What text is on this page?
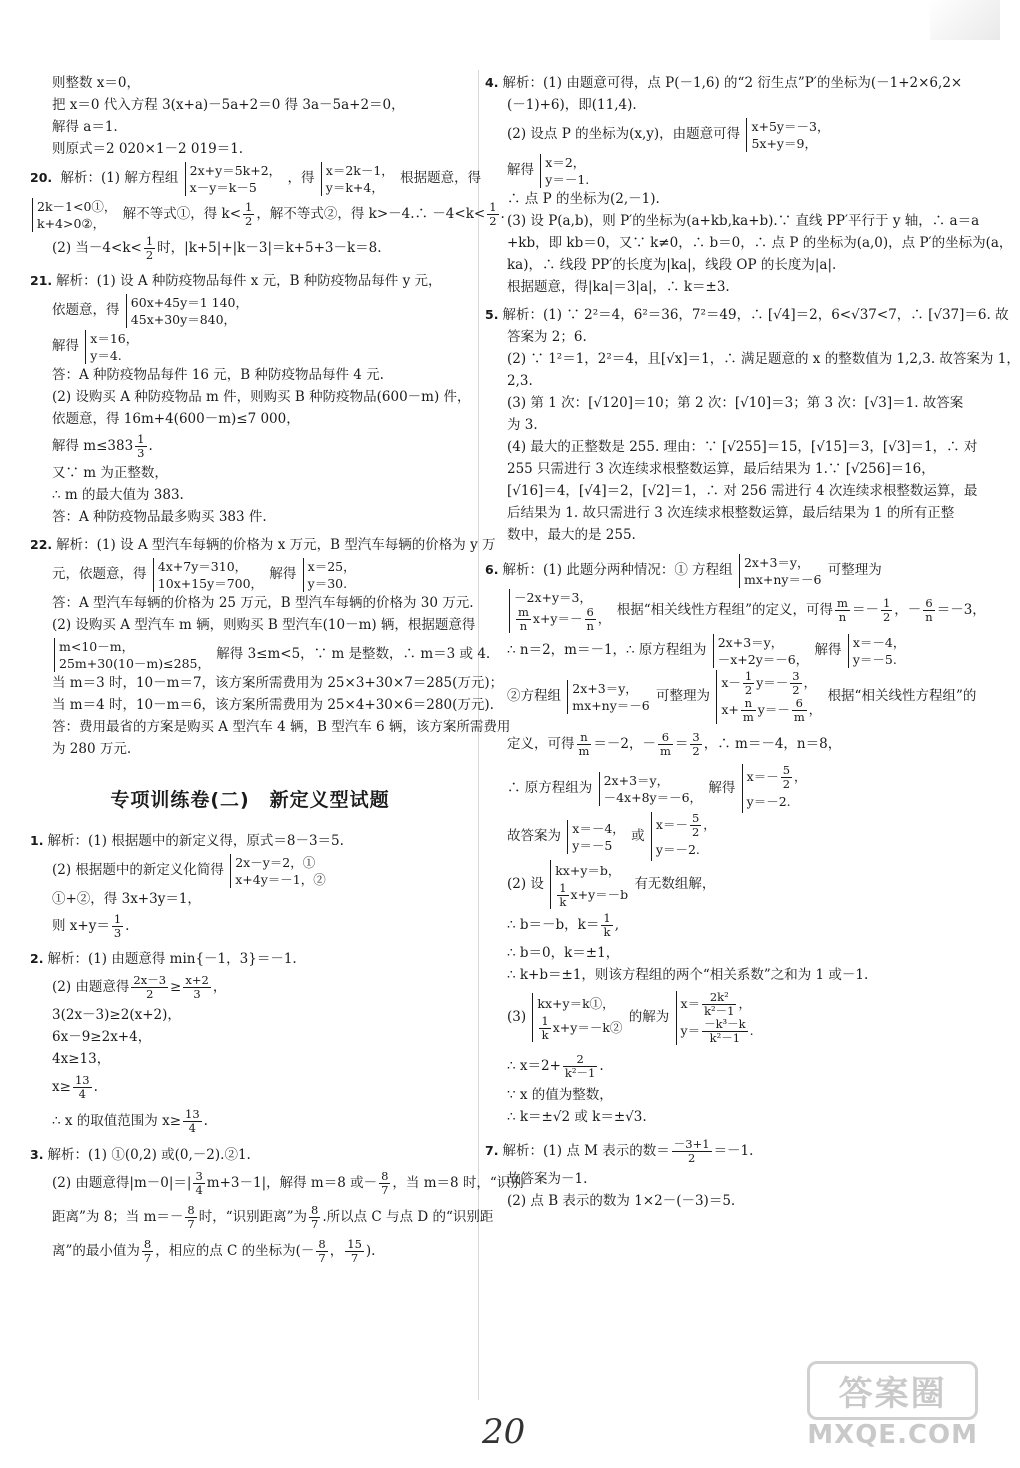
则整数 x＝0，
把 x＝0 代入方程 3(x+a)－5a+2＝0 得 3a－5a+2＝0，
解得 a＝1.
则原式＝2 020×1－2 019＝1.
20. 解析：(1) 解方程组 2x+y＝5k+2，
x－y＝k－5
，得 x＝2k－1，
y＝k+4，
根据题意，得
2k－1<0①，
k+4>0②，
解不等式①，得 $k< \frac{1}{2}$ ，解不等式②，得 k>－4.∴ $-4<k< \frac{1}{2}$ .
(2) 当$-4<k< \frac{1}{2}$ 时，|k+5|+|k－3|＝k+5+3－k＝8.
21. 解析：(1) 设 A 种防疫物品每件 x 元，B 种防疫物品每件 y 元，
依题意，得 60x+45y＝1 140，
45x+30y＝840，
解得 x＝16，
y＝4.
答：A 种防疫物品每件 16 元，B 种防疫物品每件 4 元.
(2) 设购买 A 种防疫物品 m 件，则购买 B 种防疫物品(600－m) 件，
依题意，得 16m+4(600－m)≤7 000，
解得 $m\le 383 \frac{1}{3}$ .
又∵ m 为正整数，
∴ m 的最大值为 383.
答：A 种防疫物品最多购买 383 件.
22. 解析：(1) 设 A 型汽车每辆的价格为 x 万元，B 型汽车每辆的价格为 y 万
元，依题意，得 4x+7y＝310，
10x+15y＝700，
解得 x＝25，
y＝30.
答：A 型汽车每辆的价格为 25 万元，B 型汽车每辆的价格为 30 万元.
(2) 设购买 A 型汽车 m 辆，则购买 B 型汽车(10－m) 辆，根据题意得
m<10－m，
25m+30(10－m)≤285，
解得 3≤m<5，∵ m 是整数，∴ m＝3 或 4.
当 m＝3 时，10－m＝7，该方案所需费用为 25×3+30×7＝285(万元)；
当 m＝4 时，10－m＝6，该方案所需费用为 25×4+30×6＝280(万元).
答：费用最省的方案是购买 A 型汽车 4 辆，B 型汽车 6 辆，该方案所需费用
为 280 万元.
专项训练卷(二)　新定义型试题
1. 解析：(1) 根据题中的新定义得，原式＝8－3＝5.
(2) 根据题中的新定义化简得 2x－y＝2，①
x+4y＝－1，②
①+②，得 3x+3y＝1，
则 $x+y= \frac{1}{3}$ .
2. 解析：(1) 由题意得 min{－1，3}＝－1.
(2) 由题意得 $\frac{2x-3}{2} \ge \frac{x+2}{3}$ ，
3(2x－3)≥2(x+2)，
6x－9≥2x+4，
4x≥13，
$x\ge \frac{13}{4}$ .
∴ x 的取值范围为 $x\ge \frac{13}{4}$ .
3. 解析：(1) ①(0,2) 或(0,－2).②1.
(2) 由题意得$|m-0|=| \frac{3}{4} m+3-1|$，解得 m＝8 或－ $\frac{8}{7}$ ，当 m＝8 时，“识别
距离”为 8；当 $m=- \frac{8}{7}$ 时，“识别距离”为 $\frac{8}{7}$ .所以点 C 与点 D 的“识别距
离”的最小值为 $\frac{8}{7}$ ，相应的点 C 的坐标为(－ $\frac{8}{7}$ ， $\frac{15}{7}$ ).
4. 解析：(1) 由题意可得，点 P(－1,6) 的“2 衍生点”P′的坐标为(－1+2×6,2×
(－1)+6)，即(11,4).
(2) 设点 P 的坐标为(x,y)，由题意可得 x+5y＝－3，
5x+y＝9，
解得 x＝2，
y＝－1.
∴ 点 P 的坐标为(2,－1).
(3) 设 P(a,b)，则 P′的坐标为(a+kb,ka+b).∵ 直线 PP′平行于 y 轴，∴ a＝a
+kb，即 kb＝0，又∵ k≠0，∴ b＝0，∴ 点 P 的坐标为(a,0)，点 P′的坐标为(a，
ka)，∴ 线段 PP′的长度为|ka|，线段 OP 的长度为|a|.
根据题意，得|ka|＝3|a|，∴ k＝±3.
5. 解析：(1) ∵ 2²＝4，6²＝36，7²＝49，∴ [√4]＝2，6<√37<7，∴ [√37]＝6. 故
答案为 2；6.
(2) ∵ 1²＝1，2²＝4，且[√x]＝1，∴ 满足题意的 x 的整数值为 1,2,3. 故答案为 1，
2,3.
(3) 第 1 次：[√120]＝10；第 2 次：[√10]＝3；第 3 次：[√3]＝1. 故答案
为 3.
(4) 最大的正整数是 255. 理由：∵ [√255]＝15，[√15]＝3，[√3]＝1，∴ 对
255 只需进行 3 次连续求根整数运算，最后结果为 1.∵ [√256]＝16，
[√16]＝4，[√4]＝2，[√2]＝1，∴ 对 256 需进行 4 次连续求根整数运算，最
后结果为 1. 故只需进行 3 次连续求根整数运算，最后结果为 1 的所有正整
数中，最大的是 255.
6. 解析：(1) 此题分两种情况：① 方程组 2x+3＝y，
mx+ny＝－6
可整理为
－2x+y＝3，
$\frac{m}{n} x+y=- \frac{6}{n}$ ， 根据“相关线性方程组”的定义，可得 $\frac{m}{n} =- \frac{1}{2}$ ，－ $\frac{6}{n} =-3$，
∴ n＝2，m＝－1，∴ 原方程组为 2x+3＝y，
－x+2y＝－6，
解得 x＝－4，
y＝－5.
②方程组 2x+3＝y，
mx+ny＝－6
可整理为
$x- \frac{1}{2} y=- \frac{3}{2}$ ，
$x+ \frac{n}{m} y=- \frac{6}{m}$ ，
根据“相关线性方程组”的
定义，可得 $\frac{n}{m} =-2$，－ $\frac{6}{m} = \frac{3}{2}$ ，∴ m＝－4，n＝8，
∴ 原方程组为 2x+3＝y，
－4x+8y＝－6，
解得
$x=- \frac{5}{2}$ ，
y＝－2.
故答案为 x＝－4，
y＝－5
或
$x=- \frac{5}{2}$ ，
y＝－2.
(2) 设
kx+y＝b，
$\frac{1}{k} x+y=-b$
有无数组解，
∴ b＝－b，$k= \frac{1}{k}$ ,
∴ b＝0，k＝±1，
∴ k+b＝±1，则该方程组的两个“相关系数”之和为 1 或－1.
(3)
kx+y＝k①，
$\frac{1}{k}$ x+y＝－k②
的解为
$x= \frac{\text{2k²}}{\text{k²－1}}$ ，
$y= \frac{\text{－k³－k}}{\text{k²－1}}$ .
∴ $x=2+ \frac{2}{\text{k²－1}}$ .
∵ x 的值为整数，
∴ k＝±√2 或 k＝±√3.
7. 解析：(1) 点 M 表示的数＝ $\frac{-3+1}{2} =-1$.
故答案为－1.
(2) 点 B 表示的数为 1×2－(－3)＝5.
20
答案圈
MXQE.COM
